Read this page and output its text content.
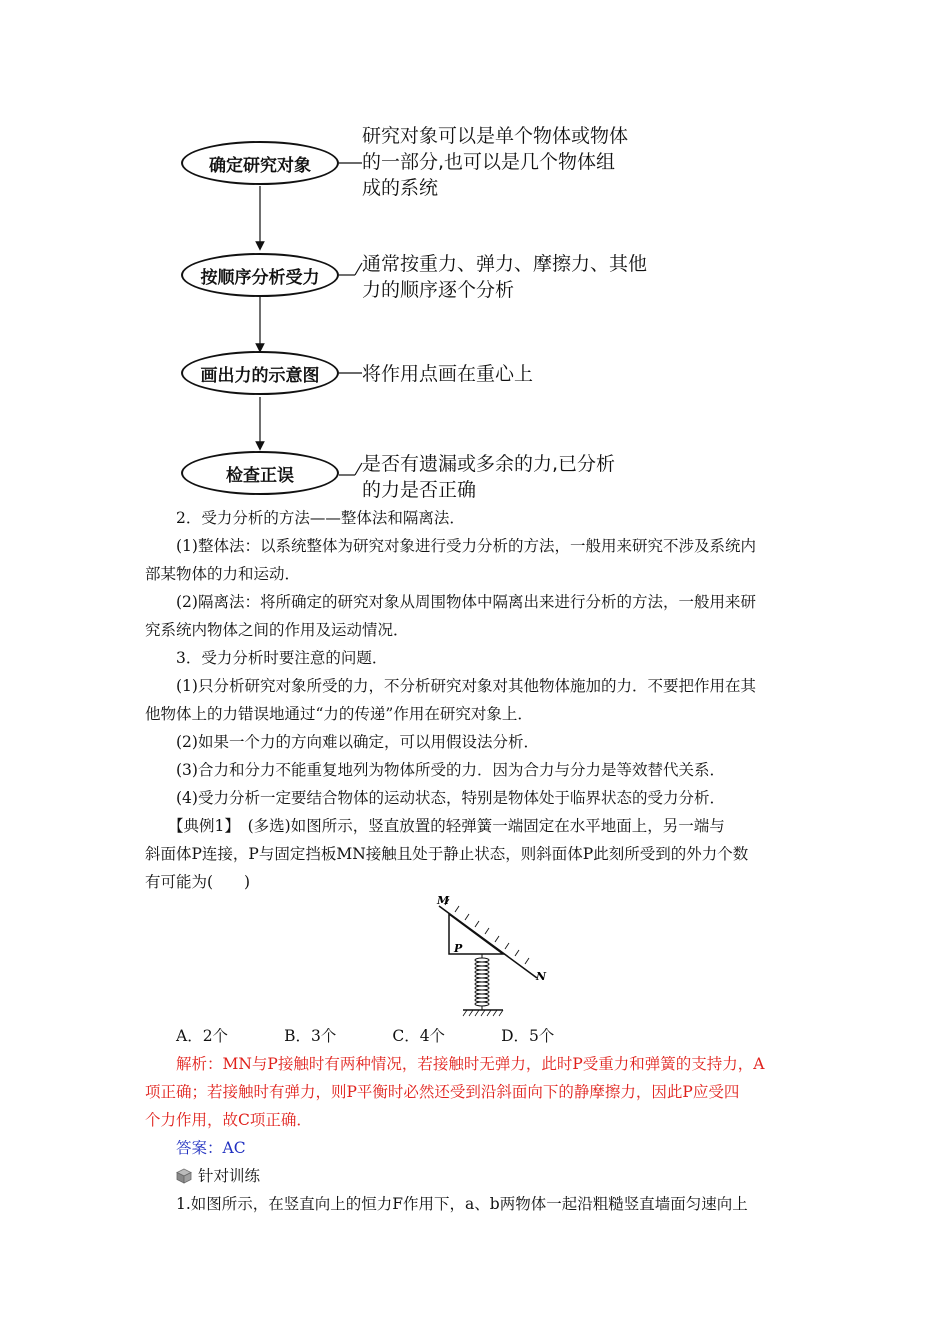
确定研究对象
按顺序分析受力
画出力的示意图
检查正误
研究对象可以是单个物体或物体
的一部分,也可以是几个物体组
成的系统
通常按重力、弹力、摩擦力、其他
力的顺序逐个分析
将作用点画在重心上
是否有遗漏或多余的力,已分析
的力是否正确
2．受力分析的方法——整体法和隔离法．
(1)整体法：以系统整体为研究对象进行受力分析的方法，一般用来研究不涉及系统内
部某物体的力和运动．
(2)隔离法：将所确定的研究对象从周围物体中隔离出来进行分析的方法，一般用来研
究系统内物体之间的作用及运动情况．
3．受力分析时要注意的问题．
(1)只分析研究对象所受的力，不分析研究对象对其他物体施加的力．不要把作用在其
他物体上的力错误地通过“力的传递”作用在研究对象上．
(2)如果一个力的方向难以确定，可以用假设法分析．
(3)合力和分力不能重复地列为物体所受的力．因为合力与分力是等效替代关系．
(4)受力分析一定要结合物体的运动状态，特别是物体处于临界状态的受力分析．
【典例1】　(多选)如图所示，竖直放置的轻弹簧一端固定在水平地面上，另一端与
斜面体P连接，P与固定挡板MN接触且处于静止状态，则斜面体P此刻所受到的外力个数
有可能为(　　)
M
N
P
A．2个	B．3个	C．4个	D．5个
解析：MN与P接触时有两种情况，若接触时无弹力，此时P受重力和弹簧的支持力，A
项正确；若接触时有弹力，则P平衡时必然还受到沿斜面向下的静摩擦力，因此P应受四
个力作用，故C项正确．
答案：AC
针对训练
1.如图所示，在竖直向上的恒力F作用下，a、b两物体一起沿粗糙竖直墙面匀速向上
